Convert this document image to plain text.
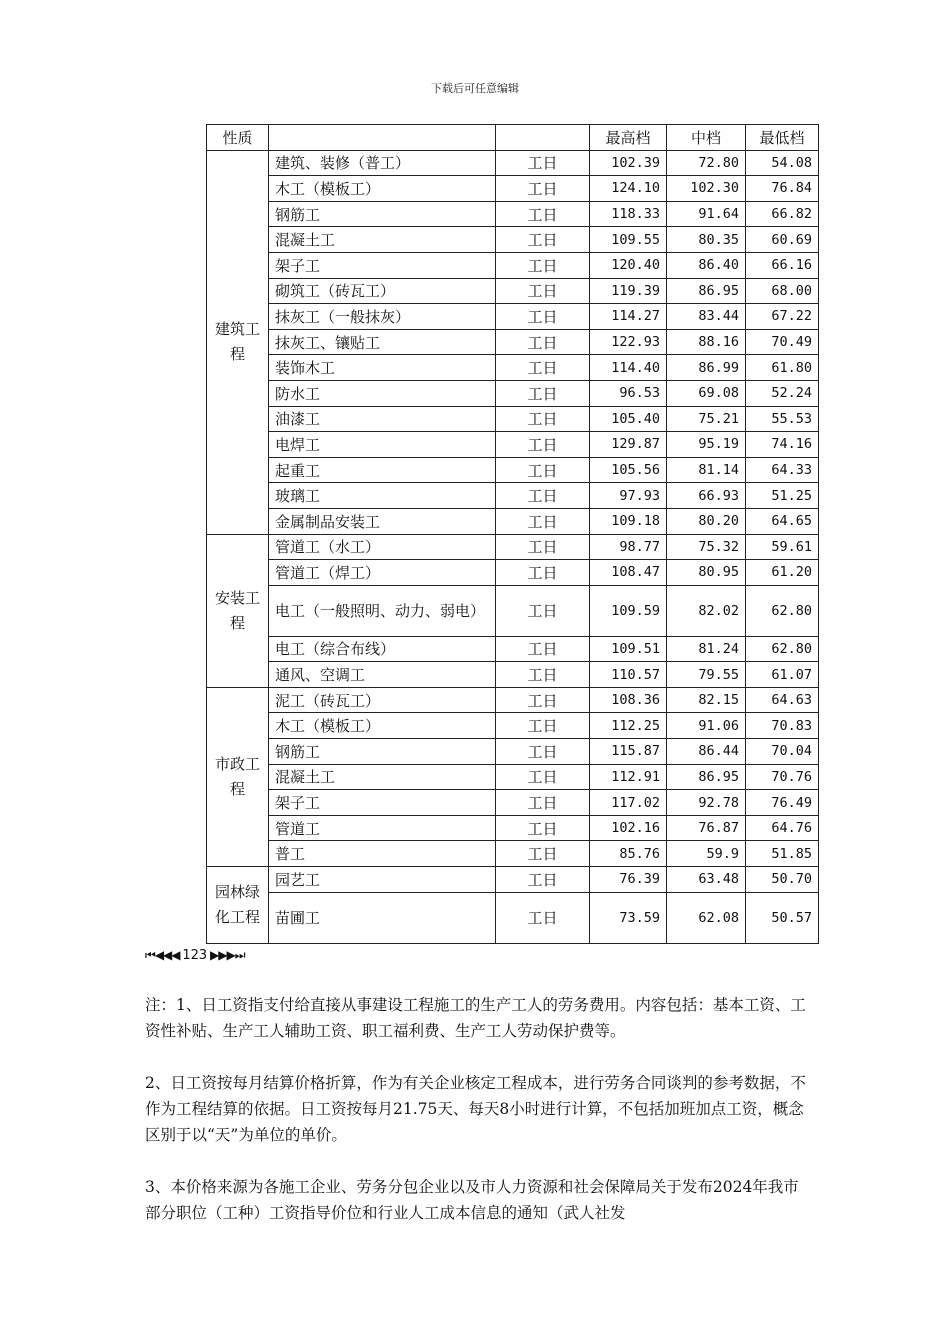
下载后可任意编辑
性质			最高档	中档	最低档
建筑工程	建筑、装修（普工）	工日	102.39	72.80	54.08
	木工（模板工）	工日	124.10	102.30	76.84
	钢筋工	工日	118.33	91.64	66.82
	混凝土工	工日	109.55	80.35	60.69
	架子工	工日	120.40	86.40	66.16
	砌筑工（砖瓦工）	工日	119.39	86.95	68.00
	抹灰工（一般抹灰）	工日	114.27	83.44	67.22
	抹灰工、镶贴工	工日	122.93	88.16	70.49
	装饰木工	工日	114.40	86.99	61.80
	防水工	工日	96.53	69.08	52.24
	油漆工	工日	105.40	75.21	55.53
	电焊工	工日	129.87	95.19	74.16
	起重工	工日	105.56	81.14	64.33
	玻璃工	工日	97.93	66.93	51.25
	金属制品安装工	工日	109.18	80.20	64.65
安装工程	管道工（水工）	工日	98.77	75.32	59.61
	管道工（焊工）	工日	108.47	80.95	61.20
	电工（一般照明、动力、弱电）	工日	109.59	82.02	62.80
	电工（综合布线）	工日	109.51	81.24	62.80
	通风、空调工	工日	110.57	79.55	61.07
市政工程	泥工（砖瓦工）	工日	108.36	82.15	64.63
	木工（模板工）	工日	112.25	91.06	70.83
	钢筋工	工日	115.87	86.44	70.04
	混凝土工	工日	112.91	86.95	70.76
	架子工	工日	117.02	92.78	76.49
	管道工	工日	102.16	76.87	64.76
	普工	工日	85.76	59.9	51.85
园林绿化工程	园艺工	工日	76.39	63.48	50.70
	苗圃工	工日	73.59	62.08	50.57
⏮◀◀◀ 123 ▶▶▶⏭

注：1、日工资指支付给直接从事建设工程施工的生产工人的劳务费用。内容包括：基本工资、工资性补贴、生产工人辅助工资、职工福利费、生产工人劳动保护费等。

2、日工资按每月结算价格折算，作为有关企业核定工程成本，进行劳务合同谈判的参考数据，不作为工程结算的依据。日工资按每月21.75天、每天8小时进行计算，不包括加班加点工资，概念区别于以“天”为单位的单价。

3、本价格来源为各施工企业、劳务分包企业以及市人力资源和社会保障局关于发布2024年我市部分职位（工种）工资指导价位和行业人工成本信息的通知（武人社发
